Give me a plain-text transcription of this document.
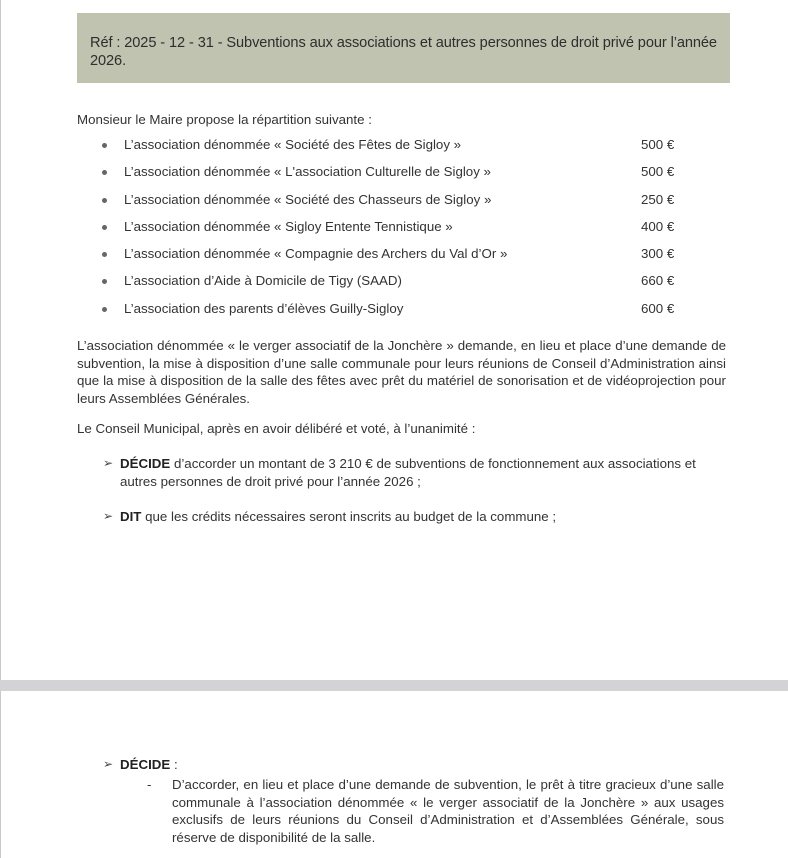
Réf : 2025 - 12 - 31 - Subventions aux associations et autres personnes de droit privé pour l’année 2026.
Monsieur le Maire propose la répartition suivante :
L’association dénommée « Société des Fêtes de Sigloy »	500 €
L’association dénommée « L'association Culturelle de Sigloy »	500 €
L’association dénommée « Société des Chasseurs de Sigloy »	250 €
L’association dénommée « Sigloy Entente Tennistique »	400 €
L’association dénommée « Compagnie des Archers du Val d’Or »	300 €
L’association d’Aide à Domicile de Tigy (SAAD)	660 €
L’association des parents d’élèves Guilly-Sigloy	600 €

L’association dénommée « le verger associatif de la Jonchère » demande, en lieu et place d’une demande de subvention, la mise à disposition d’une salle communale pour leurs réunions de Conseil d’Administration ainsi que la mise à disposition de la salle des fêtes avec prêt du matériel de sonorisation et de vidéoprojection pour leurs Assemblées Générales.

Le Conseil Municipal, après en avoir délibéré et voté, à l’unanimité :

➢ DÉCIDE d’accorder un montant de 3 210 € de subventions de fonctionnement aux associations et autres personnes de droit privé pour l’année 2026 ;
➢ DIT que les crédits nécessaires seront inscrits au budget de la commune ;
➢ DÉCIDE :
-	D’accorder, en lieu et place d’une demande de subvention, le prêt à titre gracieux d’une salle communale à l’association dénommée « le verger associatif de la Jonchère » aux usages exclusifs de leurs réunions du Conseil d’Administration et d’Assemblées Générale, sous réserve de disponibilité de la salle.
